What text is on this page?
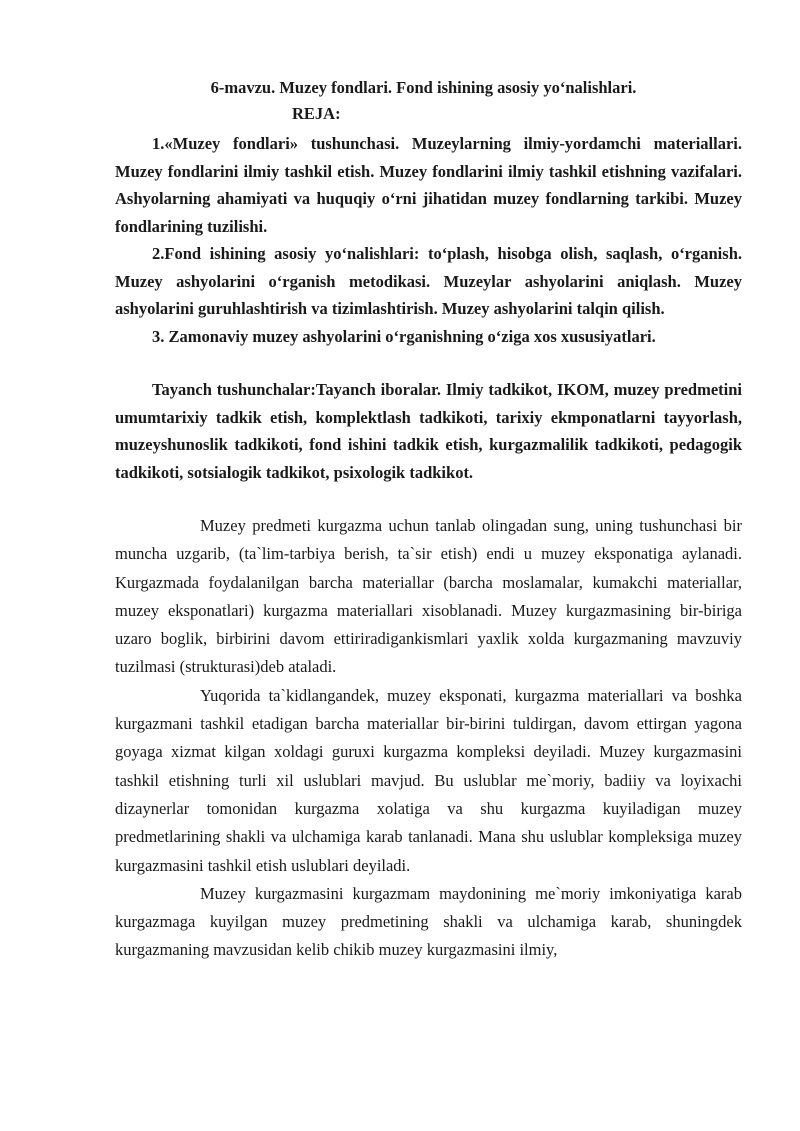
6-mavzu. Muzey fondlari. Fond ishining asosiy yo‘nalishlari.

REJA:

1.«Muzey fondlari» tushunchasi. Muzeylarning ilmiy-yordamchi materiallari. Muzey fondlarini ilmiy tashkil etish. Muzey fondlarini ilmiy tashkil etishning vazifalari. Ashyolarning ahamiyati va huquqiy o‘rni jihatidan muzey fondlarning tarkibi. Muzey fondlarining tuzilishi.

2.Fond ishining asosiy yo‘nalishlari: to‘plash, hisobga olish, saqlash, o‘rganish. Muzey ashyolarini o‘rganish metodikasi. Muzeylar ashyolarini aniqlash. Muzey ashyolarini guruhlashtirish va tizimlashtirish. Muzey ashyolarini talqin qilish.

3. Zamonaviy muzey ashyolarini o‘rganishning o‘ziga xos xususiyatlari.

Tayanch tushunchalar:Tayanch iboralar. Ilmiy tadkikot, IKOM, muzey predmetini umumtarixiy tadkik etish, komplektlash tadkikoti, tarixiy ekmponatlarni tayyorlash, muzeyshunoslik tadkikoti, fond ishini tadkik etish, kurgazmalilik tadkikoti, pedagogik tadkikoti, sotsialogik tadkikot, psixologik tadkikot.

Muzey predmeti kurgazma uchun tanlab olingadan sung, uning tushunchasi bir muncha uzgarib, (ta`lim-tarbiya berish, ta`sir etish) endi u muzey eksponatiga aylanadi. Kurgazmada foydalanilgan barcha materiallar (barcha moslamalar, kumakchi materiallar, muzey eksponatlari) kurgazma materiallari xisoblanadi. Muzey kurgazmasining bir-biriga uzaro boglik, birbirini davom ettiriradigankismlari yaxlik xolda kurgazmaning mavzuviy tuzilmasi (strukturasi)deb ataladi.

Yuqorida ta`kidlangandek, muzey eksponati, kurgazma materiallari va boshka kurgazmani tashkil etadigan barcha materiallar bir-birini tuldirgan, davom ettirgan yagona goyaga xizmat kilgan xoldagi guruxi kurgazma kompleksi deyiladi. Muzey kurgazmasini tashkil etishning turli xil uslublari mavjud. Bu uslublar me`moriy, badiiy va loyixachi dizaynerlar tomonidan kurgazma xolatiga va shu kurgazma kuyiladigan muzey predmetlarining shakli va ulchamiga karab tanlanadi. Mana shu uslublar kompleksiga muzey kurgazmasini tashkil etish uslublari deyiladi.

Muzey kurgazmasini kurgazmam maydonining me`moriy imkoniyatiga karab kurgazmaga kuyilgan muzey predmetining shakli va ulchamiga karab, shuningdek kurgazmaning mavzusidan kelib chikib muzey kurgazmasini ilmiy,
